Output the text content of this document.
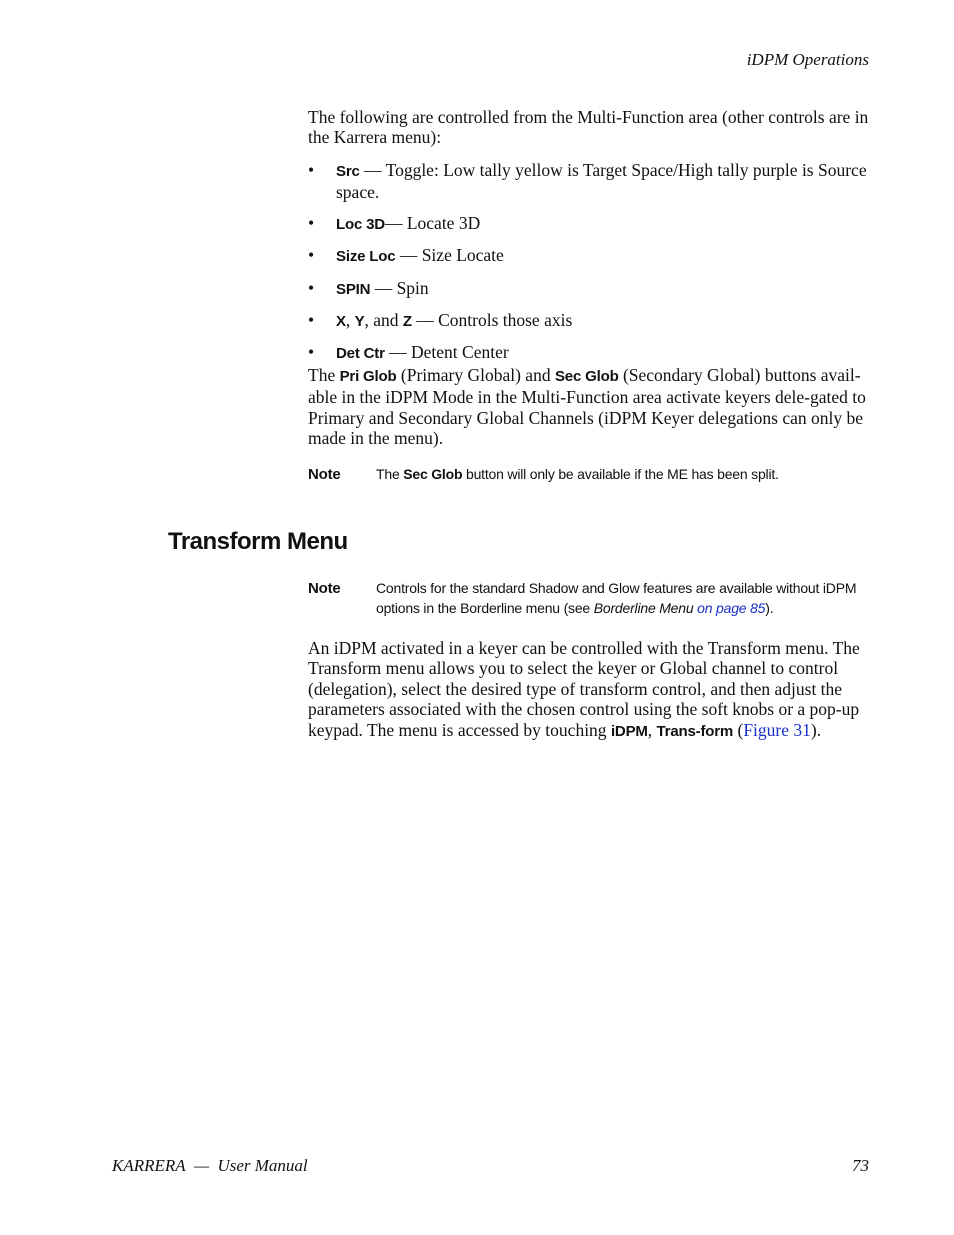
iDPM Operations
The following are controlled from the Multi-Function area (other controls are in the Karrera menu):
• Src — Toggle: Low tally yellow is Target Space/High tally purple is Source space.
• Loc 3D— Locate 3D
• Size Loc — Size Locate
• SPIN — Spin
• X, Y, and Z — Controls those axis
• Det Ctr — Detent Center
The Pri Glob (Primary Global) and Sec Glob (Secondary Global) buttons avail-able in the iDPM Mode in the Multi-Function area activate keyers dele-gated to Primary and Secondary Global Channels (iDPM Keyer delegations can only be made in the menu).
Note	The Sec Glob button will only be available if the ME has been split.
Transform Menu
Note	Controls for the standard Shadow and Glow features are available without iDPM options in the Borderline menu (see Borderline Menu on page 85).
An iDPM activated in a keyer can be controlled with the Transform menu. The Transform menu allows you to select the keyer or Global channel to control (delegation), select the desired type of transform control, and then adjust the parameters associated with the chosen control using the soft knobs or a pop-up keypad. The menu is accessed by touching iDPM, Trans-form (Figure 31).
KARRERA  —  User Manual	73
